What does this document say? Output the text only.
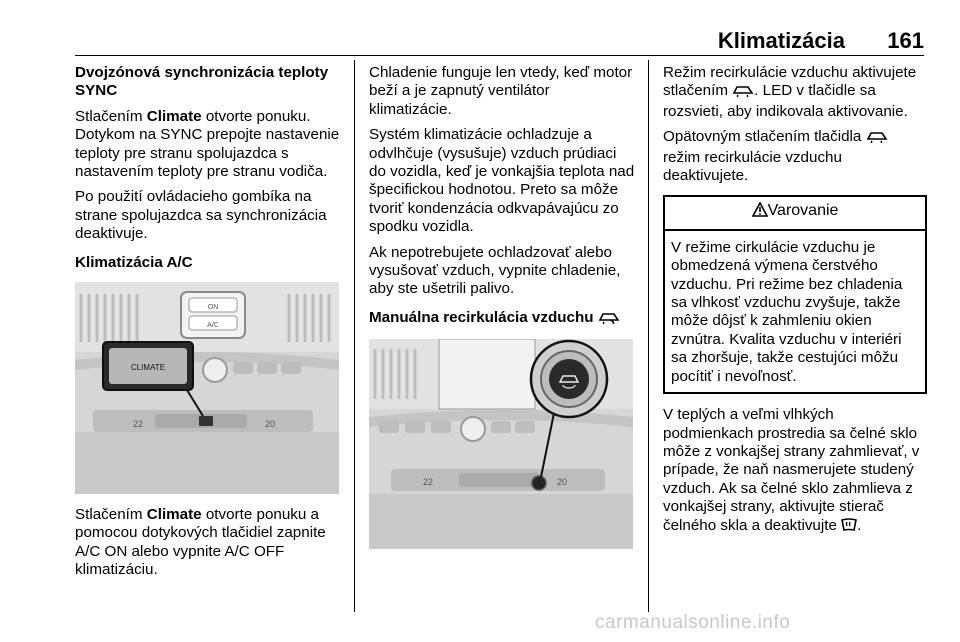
Klimatizácia 161

Dvojzónová synchronizácia teploty SYNC

Stlačením Climate otvorte ponuku. Dotykom na SYNC prepojte nastavenie teploty pre stranu spolujazdca s nastavením teploty pre stranu vodiča.

Po použití ovládacieho gombíka na strane spolujazdca sa synchronizácia deaktivuje.

Klimatizácia A/C

ON
A/C
CLIMATE
22	20

Stlačením Climate otvorte ponuku a pomocou dotykových tlačidiel zapnite A/C ON alebo vypnite A/C OFF klimatizáciu.

Chladenie funguje len vtedy, keď motor beží a je zapnutý ventilátor klimatizácie.

Systém klimatizácie ochladzuje a odvlhčuje (vysušuje) vzduch prúdiaci do vozidla, keď je vonkajšia teplota nad špecifickou hodnotou. Preto sa môže tvoriť kondenzácia odkvapávajúcu zo spodku vozidla.

Ak nepotrebujete ochladzovať alebo vysušovať vzduch, vypnite chladenie, aby ste ušetrili palivo.

Manuálna recirkulácia vzduchu

22	20

Režim recirkulácie vzduchu aktivujete stlačením . LED v tlačidle sa rozsvieti, aby indikovala aktivovanie.

Opätovným stlačením tlačidla  režim recirkulácie vzduchu deaktivujete.

Varovanie
V režime cirkulácie vzduchu je obmedzená výmena čerstvého vzduchu. Pri režime bez chladenia sa vlhkosť vzduchu zvyšuje, takže môže dôjsť k zahmleniu okien zvnútra. Kvalita vzduchu v interiéri sa zhoršuje, takže cestujúci môžu pocítiť i nevoľnosť.

V teplých a veľmi vlhkých podmienkach prostredia sa čelné sklo môže z vonkajšej strany zahmlievať, v prípade, že naň nasmerujete studený vzduch. Ak sa čelné sklo zahmlieva z vonkajšej strany, aktivujte stierač čelného skla a deaktivujte .

carmanualsonline.info
